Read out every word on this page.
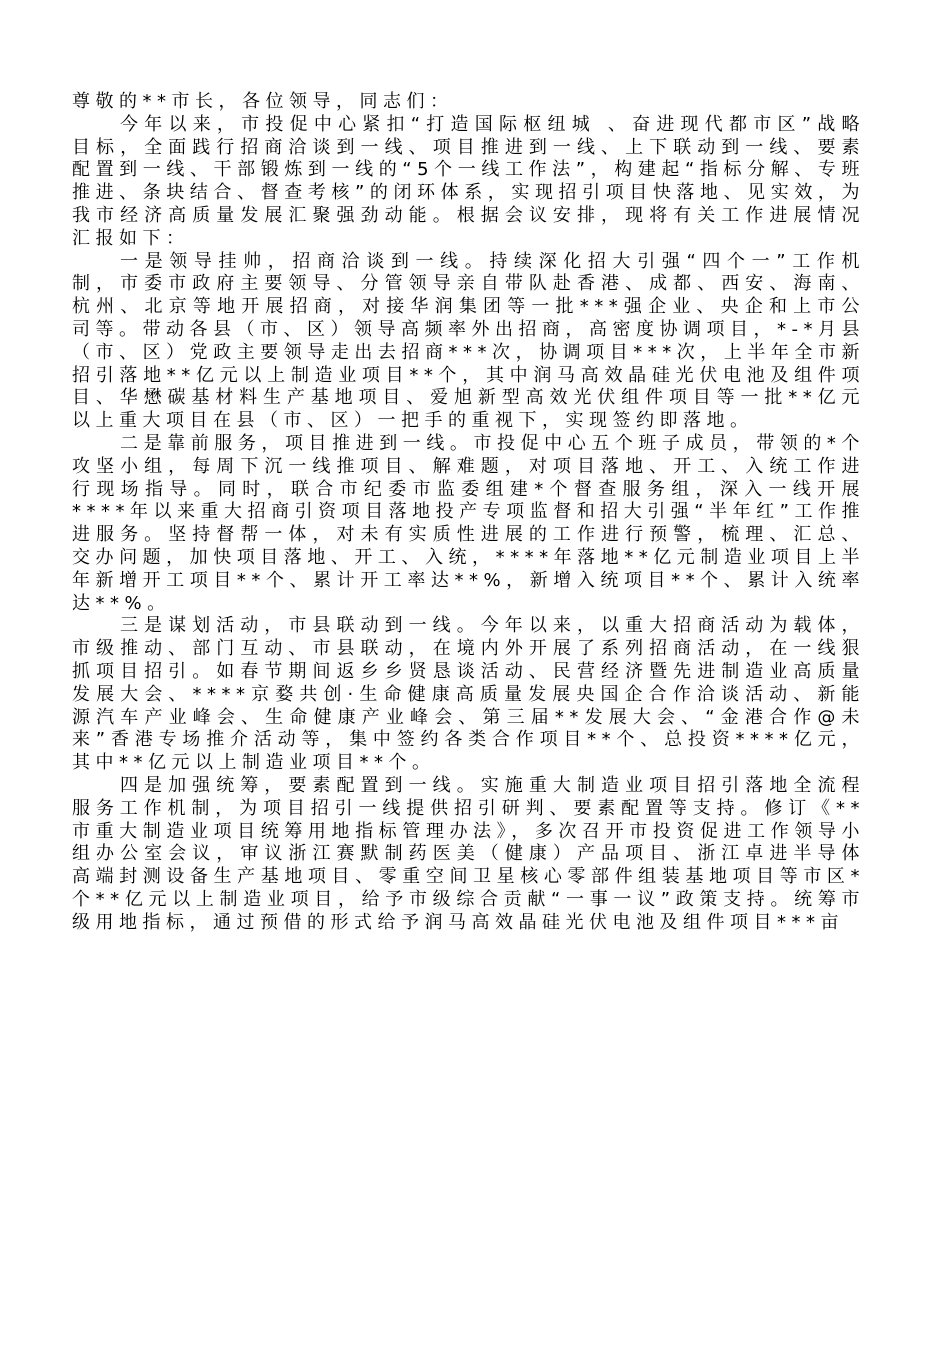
尊敬的**市长，各位领导，同志们：

今年以来，市投促中心紧扣“打造国际枢纽城 、奋进现代都市区”战略目标，全面践行招商洽谈到一线、项目推进到一线、上下联动到一线、要素配置到一线、干部锻炼到一线的“5个一线工作法”，构建起“指标分解、专班推进、条块结合、督查考核”的闭环体系，实现招引项目快落地、见实效，为我市经济高质量发展汇聚强劲动能。根据会议安排，现将有关工作进展情况汇报如下：

一是领导挂帅，招商洽谈到一线。持续深化招大引强“四个一”工作机制，市委市政府主要领导、分管领导亲自带队赴香港、成都、西安、海南、杭州、北京等地开展招商，对接华润集团等一批***强企业、央企和上市公司等。带动各县（市、区）领导高频率外出招商，高密度协调项目，*-*月县（市、区）党政主要领导走出去招商***次，协调项目***次，上半年全市新招引落地**亿元以上制造业项目**个，其中润马高效晶硅光伏电池及组件项目、华懋碳基材料生产基地项目、爱旭新型高效光伏组件项目等一批**亿元以上重大项目在县（市、区）一把手的重视下，实现签约即落地。

二是靠前服务，项目推进到一线。市投促中心五个班子成员，带领的*个攻坚小组，每周下沉一线推项目、解难题，对项目落地、开工、入统工作进行现场指导。同时，联合市纪委市监委组建*个督查服务组，深入一线开展****年以来重大招商引资项目落地投产专项监督和招大引强“半年红”工作推进服务。坚持督帮一体，对未有实质性进展的工作进行预警，梳理、汇总、交办问题，加快项目落地、开工、入统，****年落地**亿元制造业项目上半年新增开工项目**个、累计开工率达**%，新增入统项目**个、累计入统率达**%。

三是谋划活动，市县联动到一线。今年以来，以重大招商活动为载体，市级推动、部门互动、市县联动，在境内外开展了系列招商活动，在一线狠抓项目招引。如春节期间返乡乡贤恳谈活动、民营经济暨先进制造业高质量发展大会、****京婺共创·生命健康高质量发展央国企合作洽谈活动、新能源汽车产业峰会、生命健康产业峰会、第三届**发展大会、“金港合作@未来”香港专场推介活动等，集中签约各类合作项目**个、总投资****亿元，其中**亿元以上制造业项目**个。

四是加强统筹，要素配置到一线。实施重大制造业项目招引落地全流程服务工作机制，为项目招引一线提供招引研判、要素配置等支持。修订《**市重大制造业项目统筹用地指标管理办法》，多次召开市投资促进工作领导小组办公室会议，审议浙江赛默制药医美（健康）产品项目、浙江卓进半导体高端封测设备生产基地项目、零重空间卫星核心零部件组装基地项目等市区*个**亿元以上制造业项目，给予市级综合贡献“一事一议”政策支持。统筹市级用地指标，通过预借的形式给予润马高效晶硅光伏电池及组件项目***亩
